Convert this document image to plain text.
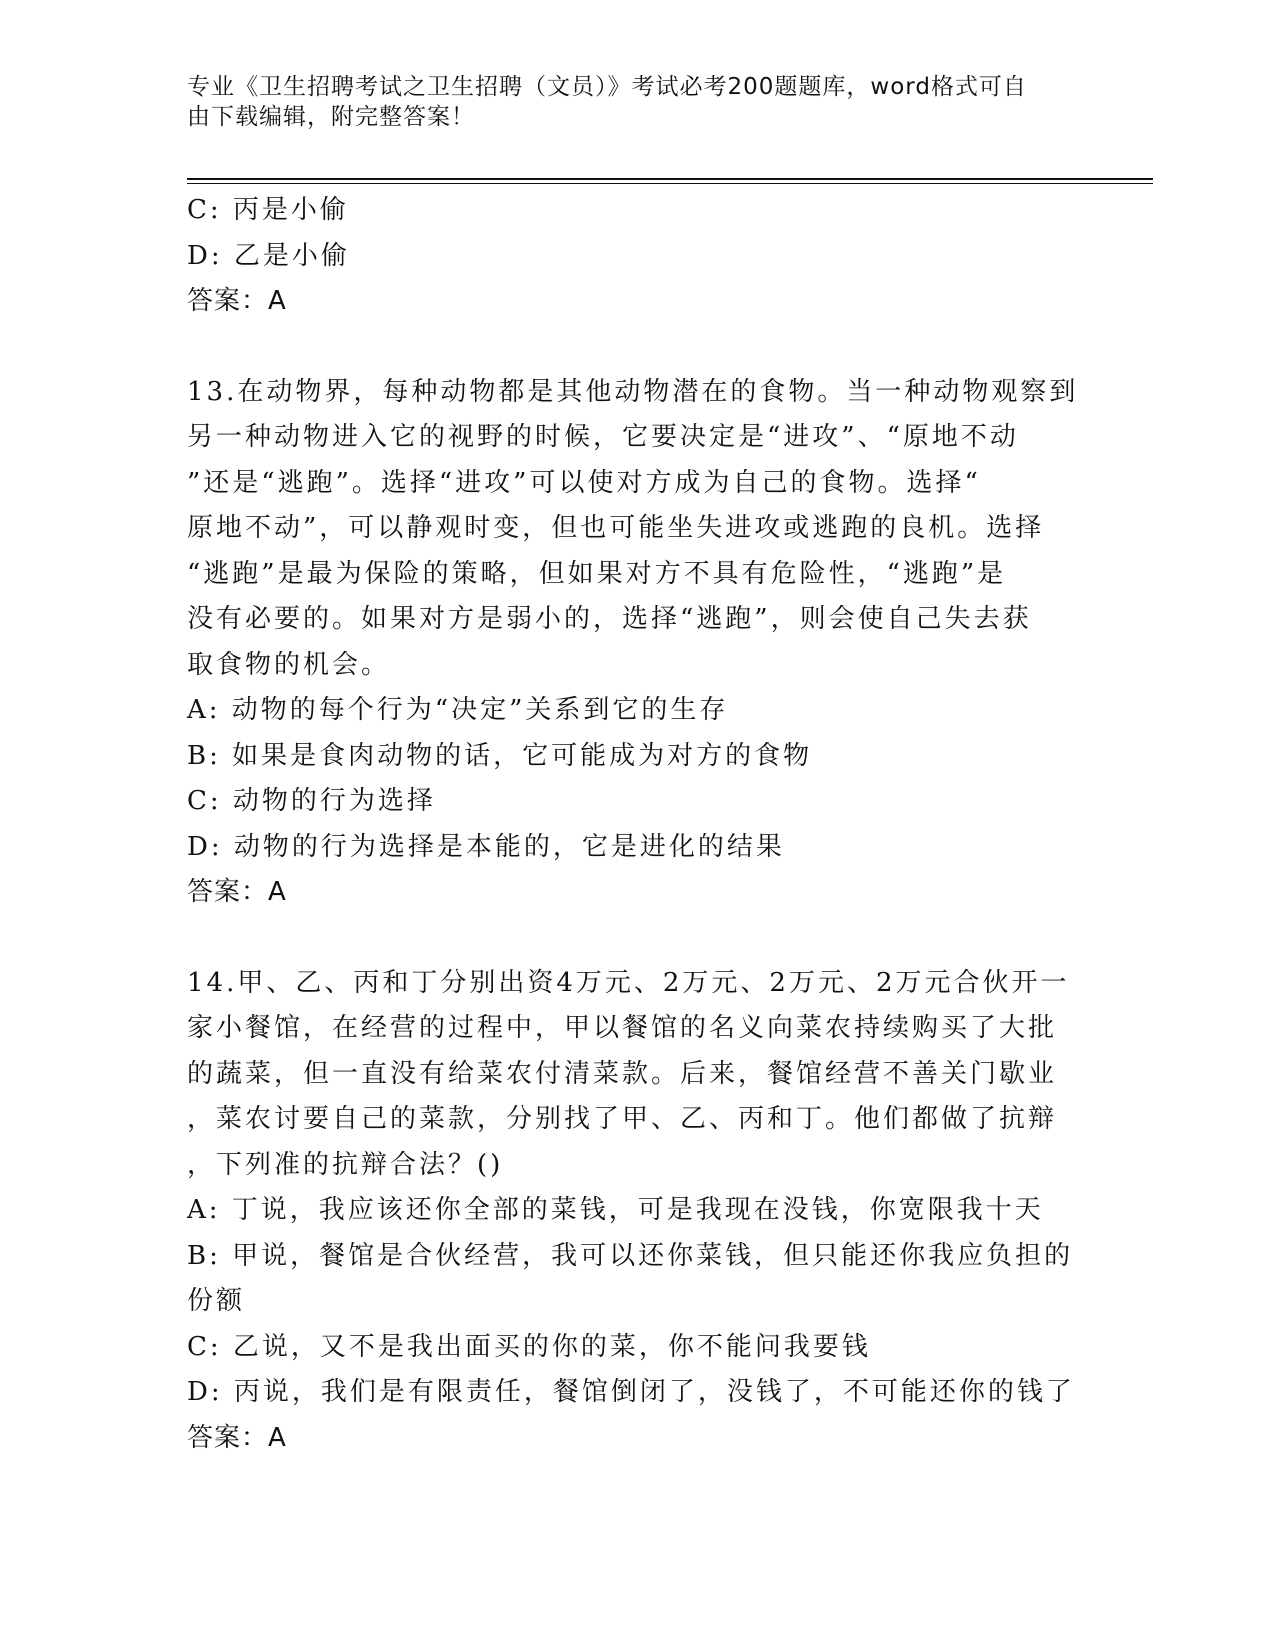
专业《卫生招聘考试之卫生招聘（文员）》考试必考200题题库，word格式可自
由下载编辑，附完整答案！
C: 丙是小偷
D: 乙是小偷
答案：A
13.在动物界，每种动物都是其他动物潜在的食物。当一种动物观察到
另一种动物进入它的视野的时候，它要决定是“进攻”、“原地不动
”还是“逃跑”。选择“进攻”可以使对方成为自己的食物。选择“
原地不动”，可以静观时变，但也可能坐失进攻或逃跑的良机。选择
“逃跑”是最为保险的策略，但如果对方不具有危险性，“逃跑”是
没有必要的。如果对方是弱小的，选择“逃跑”，则会使自己失去获
取食物的机会。
A: 动物的每个行为“决定”关系到它的生存
B: 如果是食肉动物的话，它可能成为对方的食物
C: 动物的行为选择
D: 动物的行为选择是本能的，它是进化的结果
答案：A
14.甲、乙、丙和丁分别出资4万元、2万元、2万元、2万元合伙开一
家小餐馆，在经营的过程中，甲以餐馆的名义向菜农持续购买了大批
的蔬菜，但一直没有给菜农付清菜款。后来，餐馆经营不善关门歇业
，菜农讨要自己的菜款，分别找了甲、乙、丙和丁。他们都做了抗辩
，下列准的抗辩合法？()
A: 丁说，我应该还你全部的菜钱，可是我现在没钱，你宽限我十天
B: 甲说，餐馆是合伙经营，我可以还你菜钱，但只能还你我应负担的
份额
C: 乙说，又不是我出面买的你的菜，你不能问我要钱
D: 丙说，我们是有限责任，餐馆倒闭了，没钱了，不可能还你的钱了
答案：A
